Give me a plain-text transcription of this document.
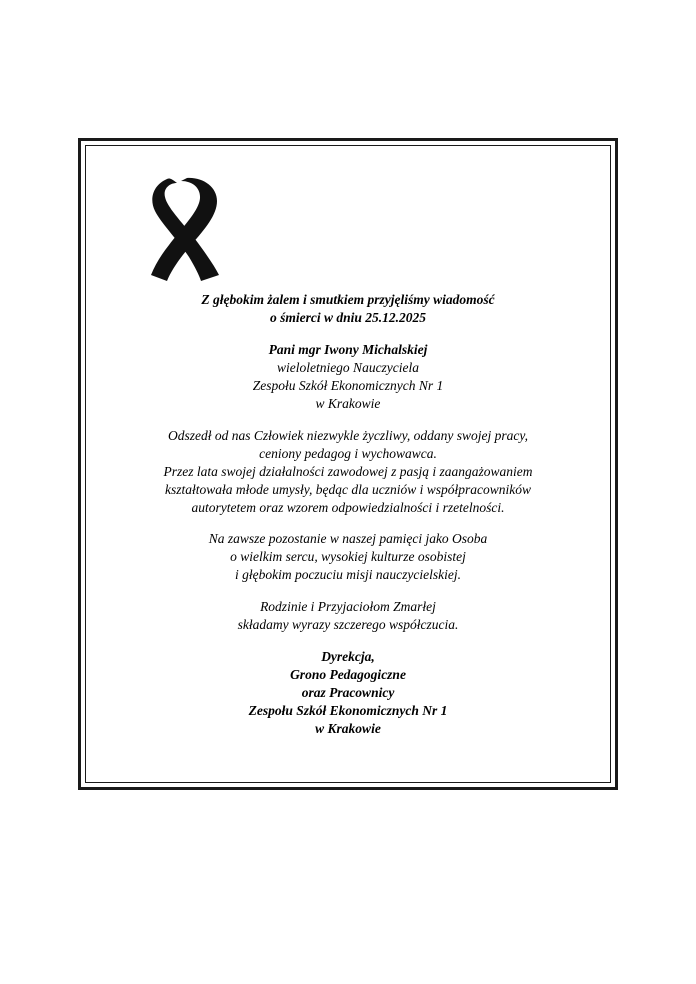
Z głębokim żalem i smutkiem przyjęliśmy wiadomość
o śmierci w dniu 25.12.2025

Pani mgr Iwony Michalskiej
wieloletniego Nauczyciela
Zespołu Szkół Ekonomicznych Nr 1
w Krakowie

Odszedł od nas Człowiek niezwykle życzliwy, oddany swojej pracy,
ceniony pedagog i wychowawca.
Przez lata swojej działalności zawodowej z pasją i zaangażowaniem
kształtowała młode umysły, będąc dla uczniów i współpracowników
autorytetem oraz wzorem odpowiedzialności i rzetelności.

Na zawsze pozostanie w naszej pamięci jako Osoba
o wielkim sercu, wysokiej kulturze osobistej
i głębokim poczuciu misji nauczycielskiej.

Rodzinie i Przyjaciołom Zmarłej
składamy wyrazy szczerego współczucia.

Dyrekcja,
Grono Pedagogiczne
oraz Pracownicy
Zespołu Szkół Ekonomicznych Nr 1
w Krakowie
